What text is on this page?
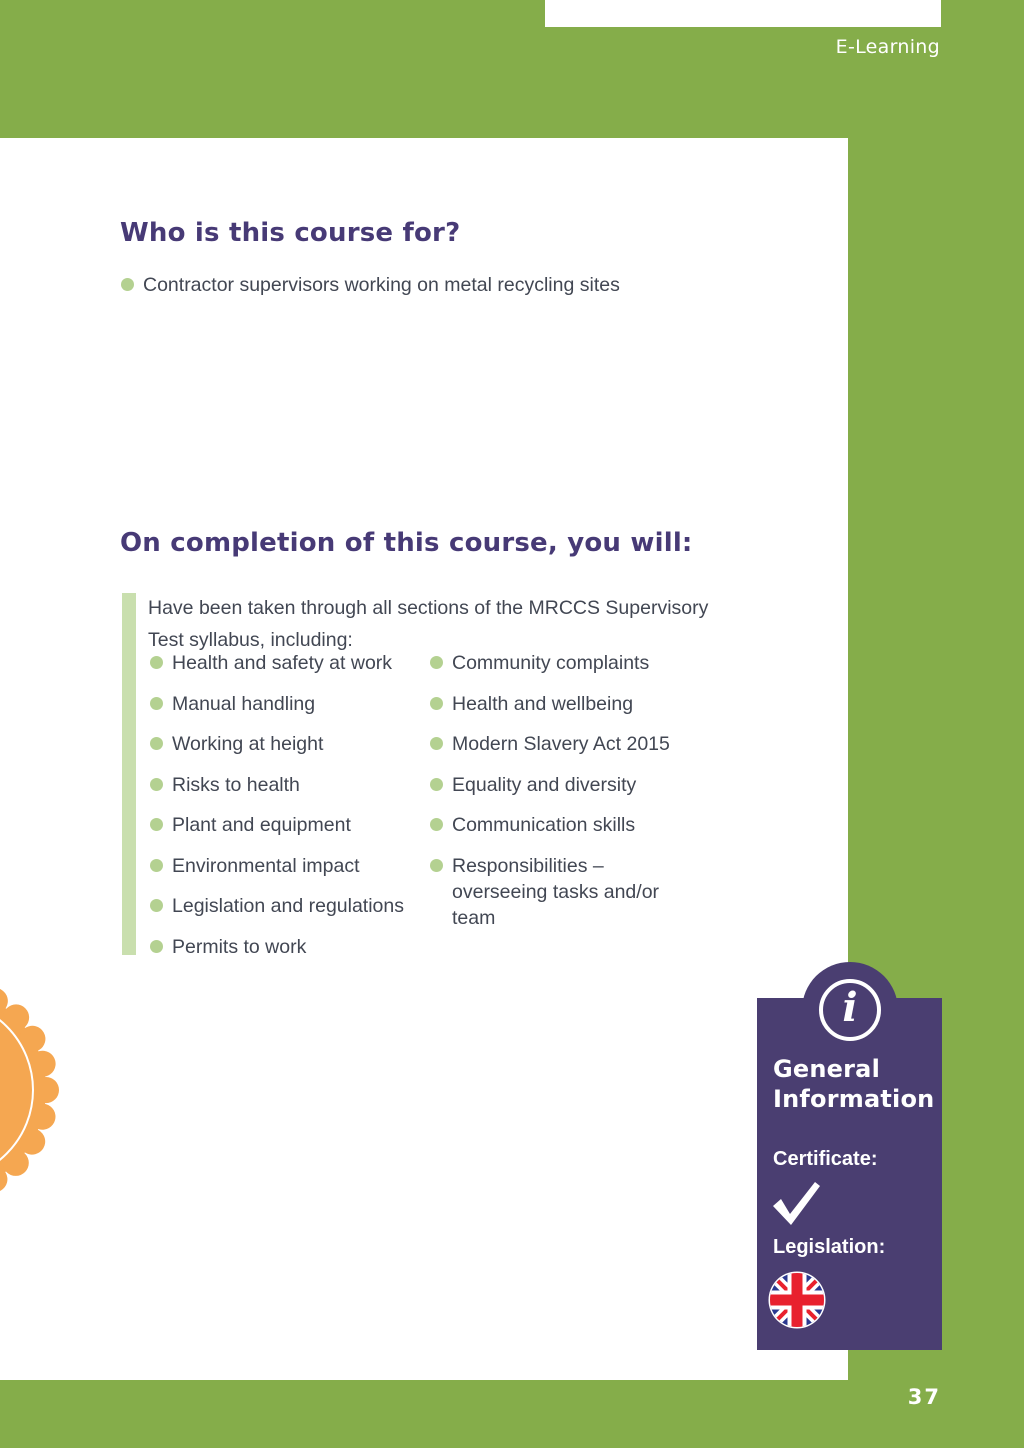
E-Learning
Who is this course for?
Contractor supervisors working on metal recycling sites
On completion of this course, you will:
Have been taken through all sections of the MRCCS Supervisory
Test syllabus, including:
Health and safety at work
Manual handling
Working at height
Risks to health
Plant and equipment
Environmental impact
Legislation and regulations
Permits to work
Community complaints
Health and wellbeing
Modern Slavery Act 2015
Equality and diversity
Communication skills
Responsibilities – overseeing tasks and/or team
i
General
Information
Certificate:
Legislation:
37
